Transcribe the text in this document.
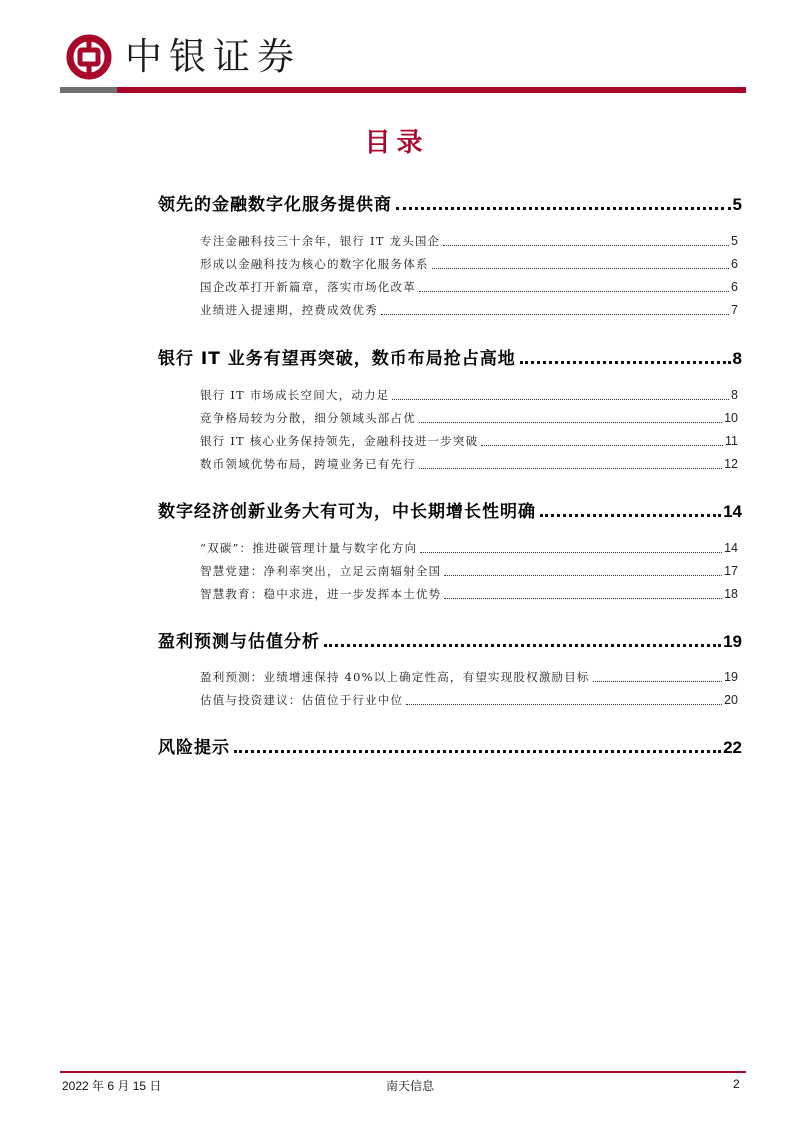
中银证券
目录
领先的金融数字化服务提供商	5
专注金融科技三十余年，银行 IT 龙头国企	5
形成以金融科技为核心的数字化服务体系	6
国企改革打开新篇章，落实市场化改革	6
业绩进入提速期，控费成效优秀	7
银行 IT 业务有望再突破，数币布局抢占高地	8
银行 IT 市场成长空间大，动力足	8
竞争格局较为分散，细分领域头部占优	10
银行 IT 核心业务保持领先，金融科技进一步突破	11
数币领域优势布局，跨境业务已有先行	12
数字经济创新业务大有可为，中长期增长性明确	14
“双碳”：推进碳管理计量与数字化方向	14
智慧党建：净利率突出，立足云南辐射全国	17
智慧教育：稳中求进，进一步发挥本土优势	18
盈利预测与估值分析	19
盈利预测：业绩增速保持 40%以上确定性高，有望实现股权激励目标	19
估值与投资建议：估值位于行业中位	20
风险提示	22
2022 年 6 月 15 日	南天信息	2
